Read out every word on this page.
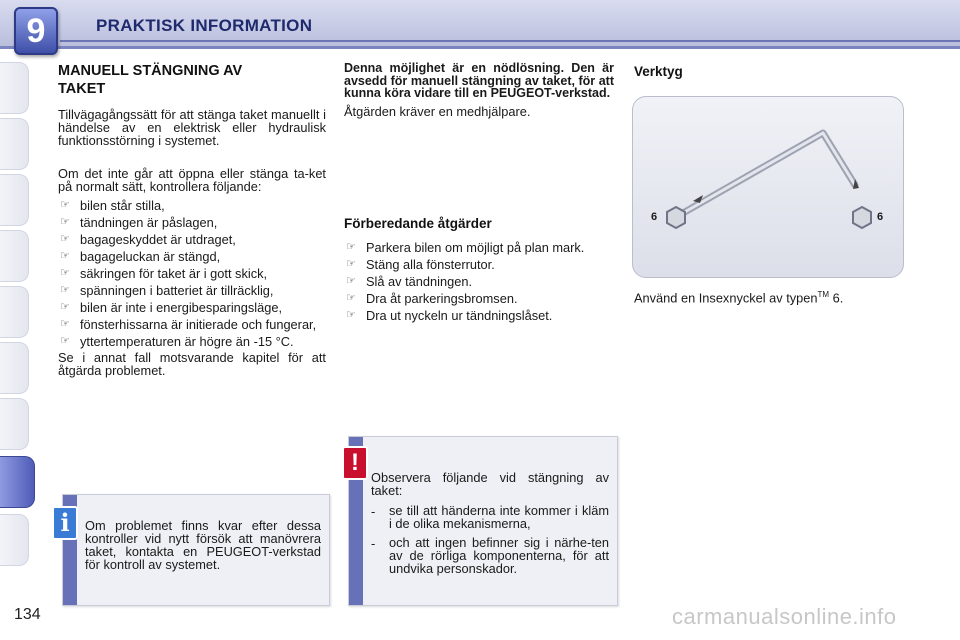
9	PRAKTISK INFORMATION
MANUELL STÄNGNING AV
TAKET
Tillvägagångssätt för att stänga taket manuellt i händelse av en elektrisk eller hydraulisk funktionsstörning i systemet.
Om det inte går att öppna eller stänga ta-ket på normalt sätt, kontrollera följande:
☞ bilen står stilla,
☞ tändningen är påslagen,
☞ bagageskyddet är utdraget,
☞ bagageluckan är stängd,
☞ säkringen för taket är i gott skick,
☞ spänningen i batteriet är tillräcklig,
☞ bilen är inte i energibesparingsläge,
☞ fönsterhissarna är initierade och fungerar,
☞ yttertemperaturen är högre än -15 °C.
Se i annat fall motsvarande kapitel för att åtgärda problemet.
Om problemet finns kvar efter dessa kontroller vid nytt försök att manövrera taket, kontakta en PEUGEOT-verkstad för kontroll av systemet.
i
Denna möjlighet är en nödlösning. Den är avsedd för manuell stängning av taket, för att kunna köra vidare till en PEUGEOT-verkstad.
Åtgärden kräver en medhjälpare.
Förberedande åtgärder
☞ Parkera bilen om möjligt på plan mark.
☞ Stäng alla fönsterrutor.
☞ Slå av tändningen.
☞ Dra åt parkeringsbromsen.
☞ Dra ut nyckeln ur tändningslåset.
Observera följande vid stängning av taket:
- se till att händerna inte kommer i kläm i de olika mekanismerna,
- och att ingen befinner sig i närhe-ten av de rörliga komponenterna, för att undvika personskador.
!
Verktyg
6	6
Använd en Insexnyckel av typen™ 6.
134	carmanualsonline.info
